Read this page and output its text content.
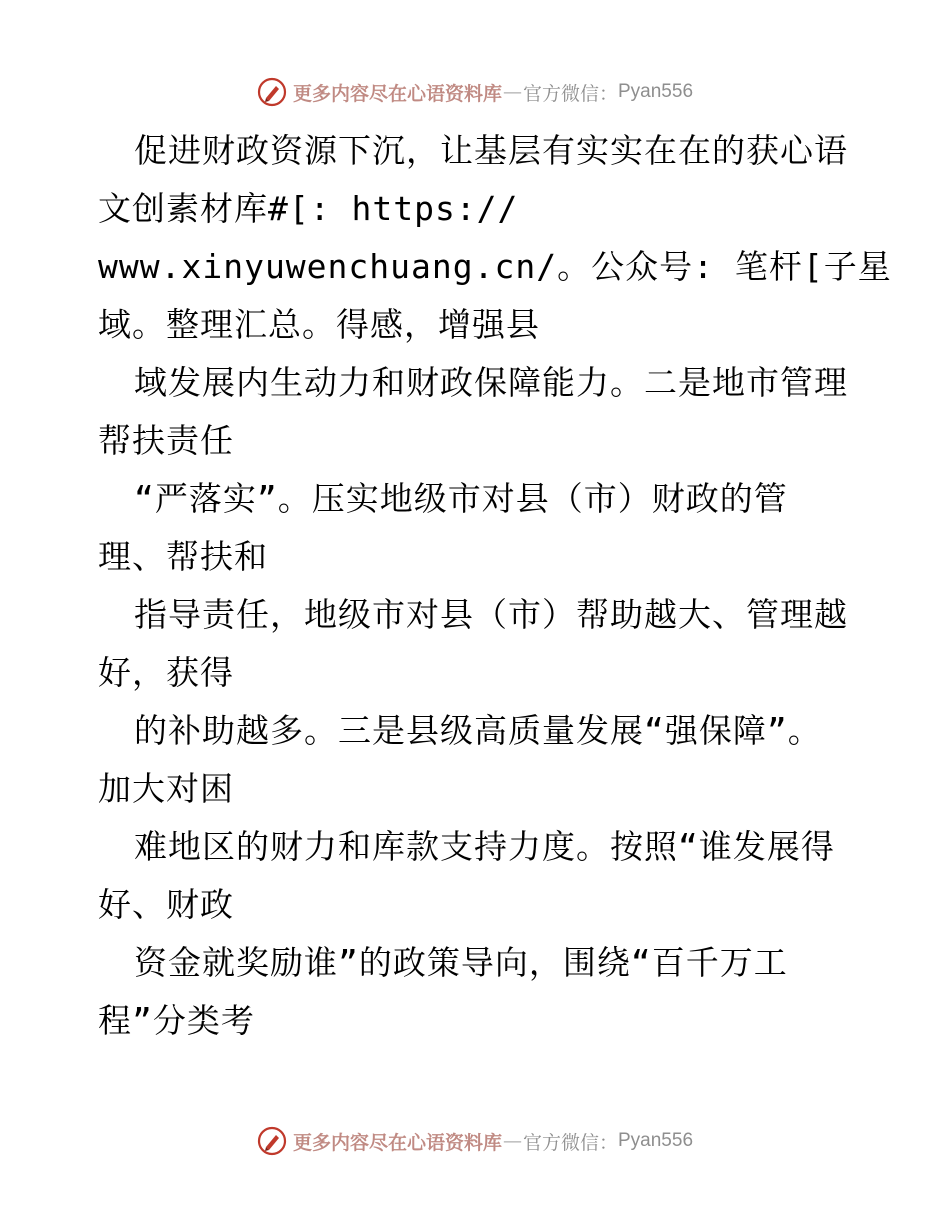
更多内容尽在心语资料库 — 官方微信： Pyan556
促进财政资源下沉，让基层有实实在在的获心语
文创素材库#[: https://
www.xinyuwenchuang.cn/。公众号: 笔杆[子星
域。整理汇总。得感，增强县
域发展内生动力和财政保障能力。二是地市管理
帮扶责任
“严落实”。压实地级市对县（市）财政的管
理、帮扶和
指导责任，地级市对县（市）帮助越大、管理越
好，获得
的补助越多。三是县级高质量发展“强保障”。
加大对困
难地区的财力和库款支持力度。按照“谁发展得
好、财政
资金就奖励谁”的政策导向，围绕“百千万工
程”分类考
更多内容尽在心语资料库 — 官方微信： Pyan556
